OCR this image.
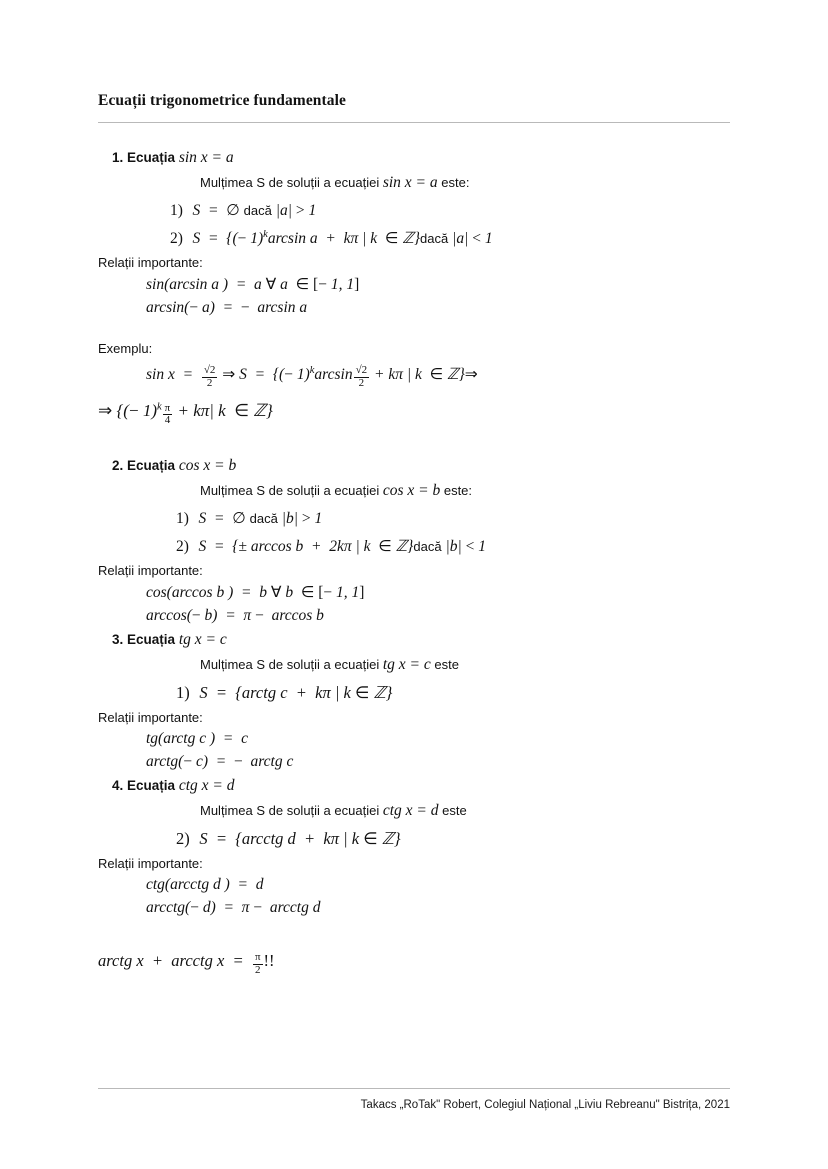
Ecuații trigonometrice fundamentale
1. Ecuația sin x = a
Mulțimea S de soluții a ecuației sin x = a este:
1) S  =  ∅ dacă |a| > 1
2) S  =  {(− 1)$^k$arcsin a  +  kπ | k  ∈ ℤ}dacă |a| < 1
Relații importante:
sin(arcsin a )  =  a ∀ a  ∈ [− 1, 1]
arcsin(− a)  =  −  arcsin a
Exemplu:
$\sin x = \frac{√2}{2}$ ⇒ S  =  {(− $1)^k\arcsin \frac{√2}{2} + k\pi$ | k  ∈ ℤ}⇒
⇒ {(− $1)^k \frac{\pi}{4} + k\pi|$ k  ∈ ℤ}
2. Ecuația cos x = b
Mulțimea S de soluții a ecuației cos x = b este:
1) S  =  ∅ dacă |b| > 1
2) S  =  {± arccos b  +  2kπ | k  ∈ ℤ}dacă |b| < 1
Relații importante:
cos(arccos b )  =  b ∀ b  ∈ [− 1, 1]
arccos(− b)  =  π −  arccos b
3. Ecuația tg x = c
Mulțimea S de soluții a ecuației tg x = c este
1) S  =  {arctg c  +  kπ | k ∈ ℤ}
Relații importante:
tg(arctg c )  =  c
arctg(− c)  =  −  arctg c
4. Ecuația ctg x = d
Mulțimea S de soluții a ecuației ctg x = d este
2) S  =  {arcctg d  +  kπ | k ∈ ℤ}
Relații importante:
ctg(arcctg d )  =  d
arcctg(− d)  =  π −  arcctg d
arctg x  +  arcctg $x = \frac{\pi}{2}$ !!
Takacs „RoTak" Robert, Colegiul Național „Liviu Rebreanu" Bistrița, 2021
